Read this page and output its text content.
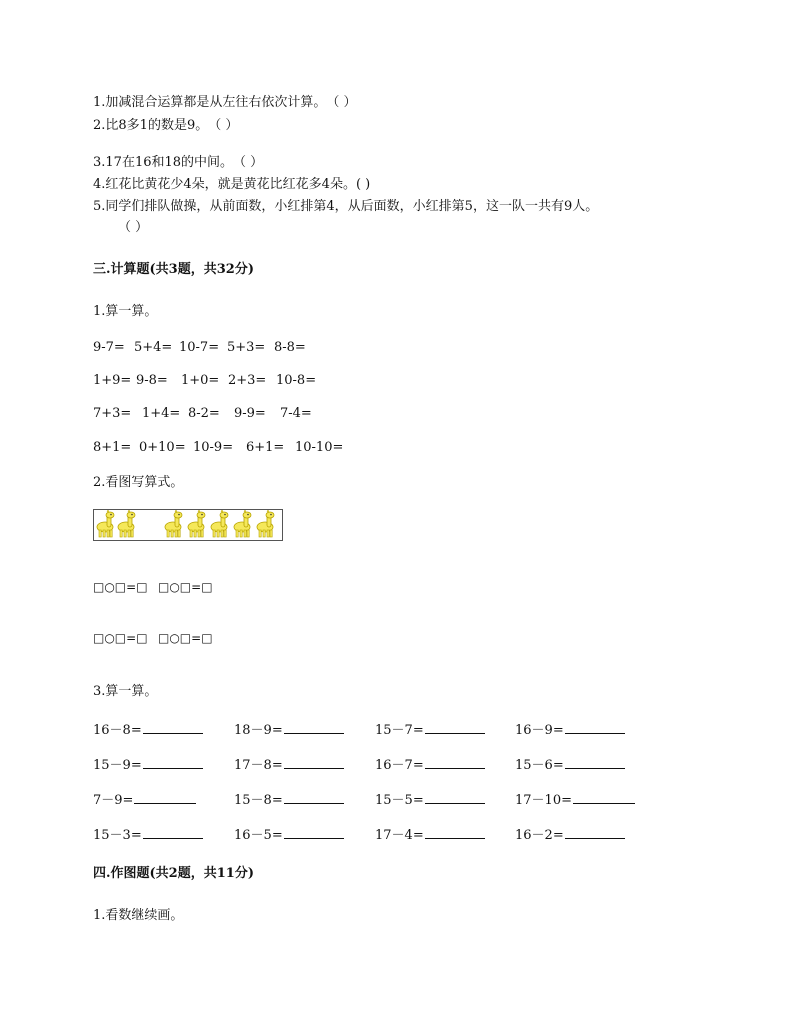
1.加减混合运算都是从左往右依次计算。　（ ）
2.比8多1的数是9。　（ ）
3.17在16和18的中间。　（ ）
4.红花比黄花少4朵，就是黄花比红花多4朵。( )
5.同学们排队做操，从前面数，小红排第4，从后面数，小红排第5，这一队一共有9人。
（ ）
三.计算题(共3题，共32分)
1.算一算。
9-7= 5+4= 10-7= 5+3= 8-8=
1+9= 9-8= 1+0= 2+3= 10-8=
7+3= 1+4= 8-2= 9-9= 7-4=
8+1= 0+10= 10-9= 6+1= 10-10=
2.看图写算式。
□○□=□ □○□=□
□○□=□ □○□=□
3.算一算。
16－8=	18－9=	15－7=	16－9=
15－9=	17－8=	16－7=	15－6=
7－9=	15－8=	15－5=	17－10=
15－3=	16－5=	17－4=	16－2=
四.作图题(共2题，共11分)
1.看数继续画。
